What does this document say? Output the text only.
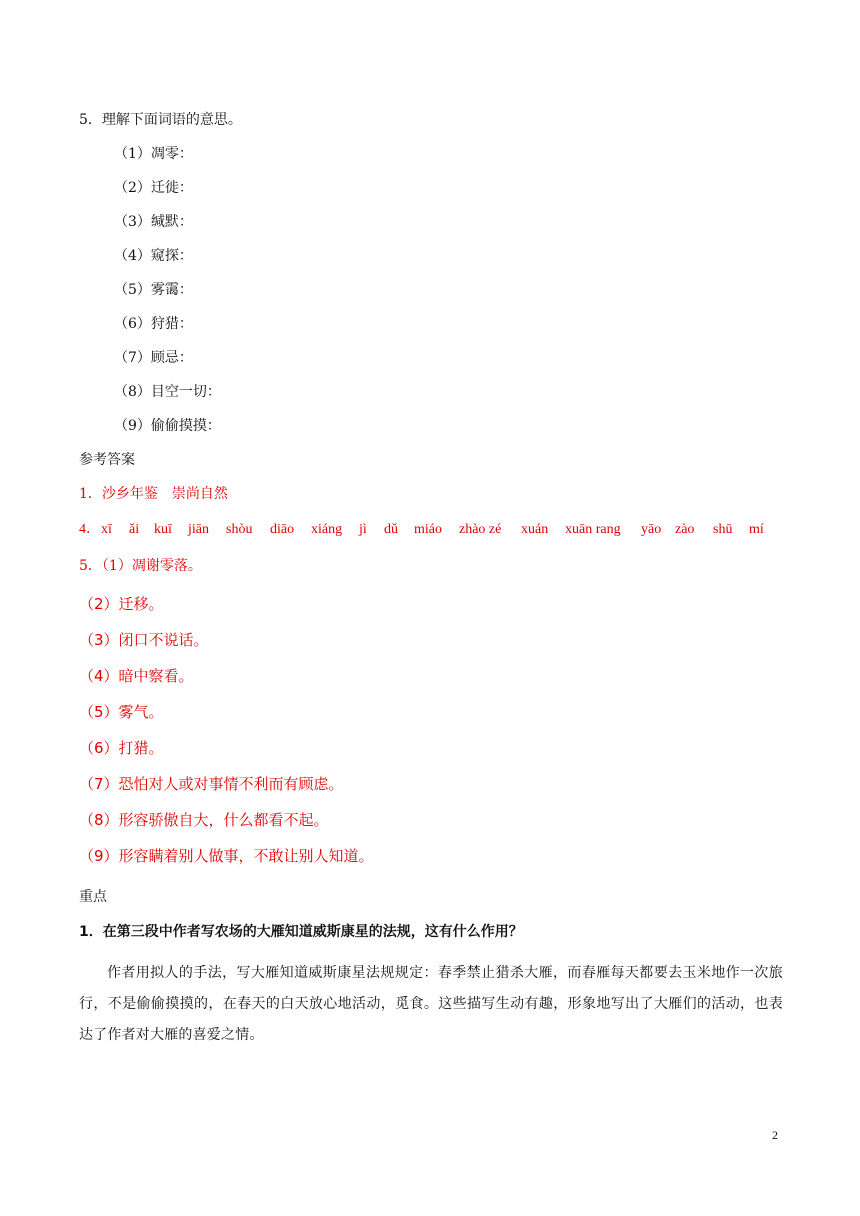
5．理解下面词语的意思。
（1）凋零：
（2）迁徙：
（3）缄默：
（4）窥探：
（5）雾霭：
（6）狩猎：
（7）顾忌：
（8）目空一切：
（9）偷偷摸摸：
参考答案
1．沙乡年鉴　崇尚自然
4． xī ǎi kuī jiān shòu diāo xiáng jì dǔ miáo zhào zé xuán xuān rang yāo zào shū mí
5．（1）凋谢零落。
（2）迁移。
（3）闭口不说话。
（4）暗中察看。
（5）雾气。
（6）打猎。
（7）恐怕对人或对事情不利而有顾虑。
（8）形容骄傲自大，什么都看不起。
（9）形容瞒着别人做事，不敢让别人知道。
重点
1．在第三段中作者写农场的大雁知道威斯康星的法规，这有什么作用？
作者用拟人的手法，写大雁知道威斯康星法规规定：春季禁止猎杀大雁，而春雁每天都要去玉米地作一次旅行，不是偷偷摸摸的，在春天的白天放心地活动，觅食。这些描写生动有趣，形象地写出了大雁们的活动，也表达了作者对大雁的喜爱之情。
2
